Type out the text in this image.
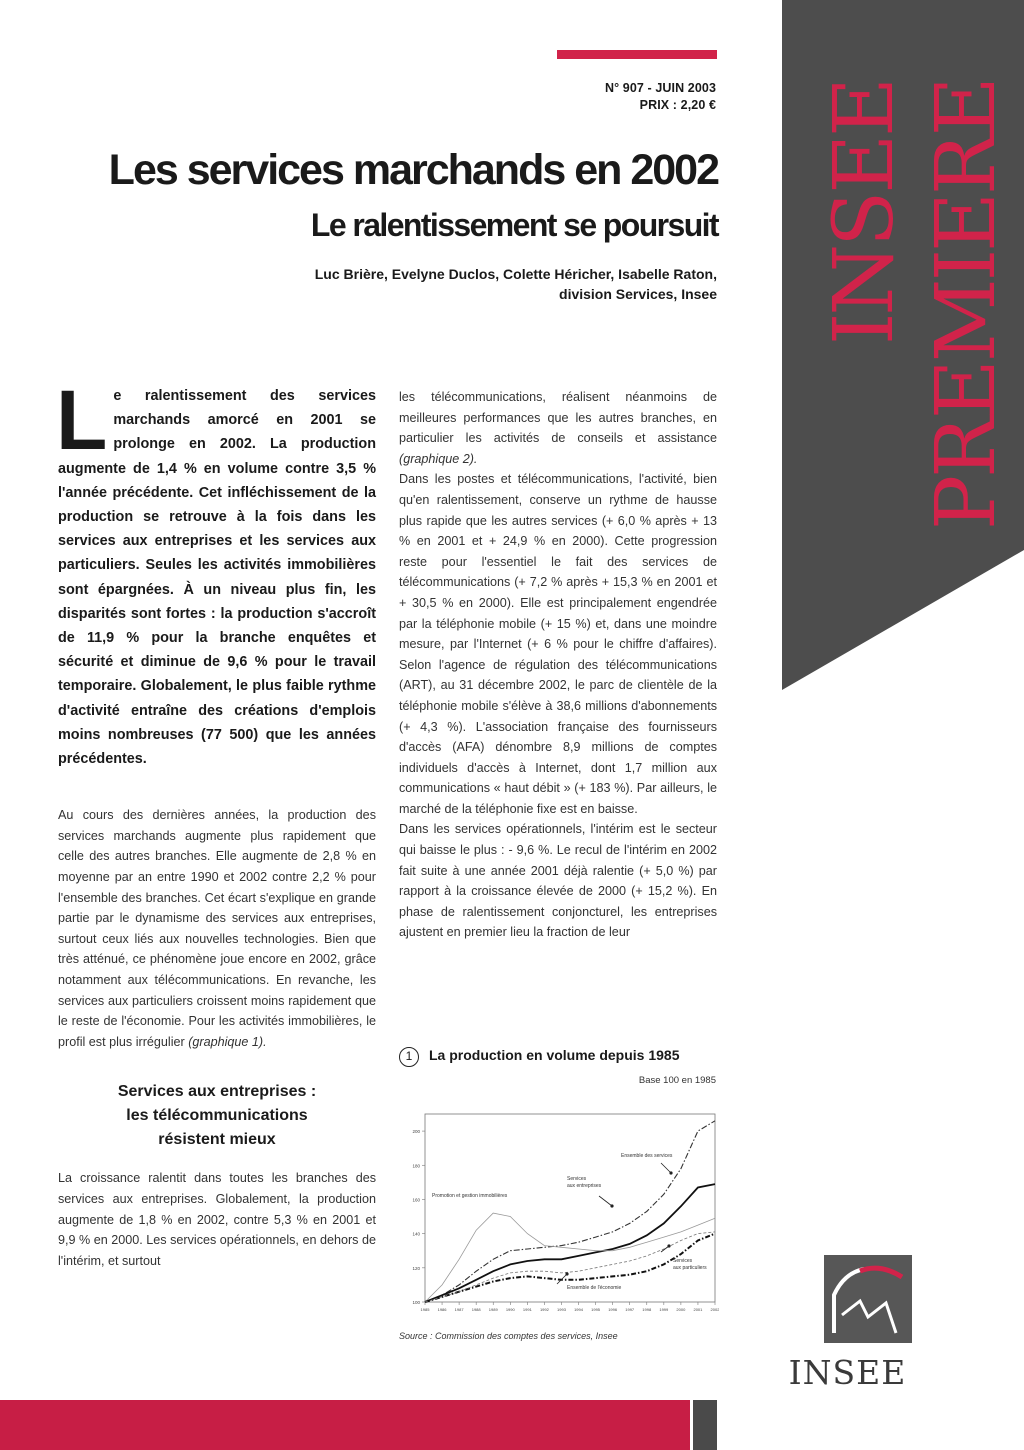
INSEE PREMIERE
N° 907 - JUIN 2003
PRIX : 2,20 €
Les services marchands en 2002
Le ralentissement se poursuit
Luc Brière, Evelyne Duclos, Colette Héricher, Isabelle Raton,
division Services, Insee

Le ralentissement des services marchands amorcé en 2001 se prolonge en 2002. La production augmente de 1,4 % en volume contre 3,5 % l'année précédente. Cet infléchissement de la production se retrouve à la fois dans les services aux entreprises et les services aux particuliers. Seules les activités immobilières sont épargnées. À un niveau plus fin, les disparités sont fortes : la production s'accroît de 11,9 % pour la branche enquêtes et sécurité et diminue de 9,6 % pour le travail temporaire. Globalement, le plus faible rythme d'activité entraîne des créations d'emplois moins nombreuses (77 500) que les années précédentes.

Au cours des dernières années, la production des services marchands augmente plus rapidement que celle des autres branches. Elle augmente de 2,8 % en moyenne par an entre 1990 et 2002 contre 2,2 % pour l'ensemble des branches. Cet écart s'explique en grande partie par le dynamisme des services aux entreprises, surtout ceux liés aux nouvelles technologies. Bien que très atténué, ce phénomène joue encore en 2002, grâce notamment aux télécommunications. En revanche, les services aux particuliers croissent moins rapidement que le reste de l'économie. Pour les activités immobilières, le profil est plus irrégulier (graphique 1).

Services aux entreprises :
les télécommunications
résistent mieux

La croissance ralentit dans toutes les branches des services aux entreprises. Globalement, la production augmente de 1,8 % en 2002, contre 5,3 % en 2001 et 9,9 % en 2000. Les services opérationnels, en dehors de l'intérim, et surtout

les télécommunications, réalisent néanmoins de meilleures performances que les autres branches, en particulier les activités de conseils et assistance (graphique 2).

Dans les postes et télécommunications, l'activité, bien qu'en ralentissement, conserve un rythme de hausse plus rapide que les autres services (+ 6,0 % après + 13 % en 2001 et + 24,9 % en 2000). Cette progression reste pour l'essentiel le fait des services de télécommunications (+ 7,2 % après + 15,3 % en 2001 et + 30,5 % en 2000). Elle est principalement engendrée par la téléphonie mobile (+ 15 %) et, dans une moindre mesure, par l'Internet (+ 6 % pour le chiffre d'affaires). Selon l'agence de régulation des télécommunications (ART), au 31 décembre 2002, le parc de clientèle de la téléphonie mobile s'élève à 38,6 millions d'abonnements (+ 4,3 %). L'association française des fournisseurs d'accès (AFA) dénombre 8,9 millions de comptes individuels d'accès à Internet, dont 1,7 million aux communications « haut débit » (+ 183 %). Par ailleurs, le marché de la téléphonie fixe est en baisse.

Dans les services opérationnels, l'intérim est le secteur qui baisse le plus : - 9,6 %. Le recul de l'intérim en 2002 fait suite à une année 2001 déjà ralentie (+ 5,0 %) par rapport à la croissance élevée de 2000 (+ 15,2 %). En phase de ralentissement conjoncturel, les entreprises ajustent en premier lieu la fraction de leur

1 La production en volume depuis 1985
Base 100 en 1985
100
120
140
160
180
200
1985 1986 1987 1988 1989 1990 1991 1992 1993 1994 1995 1996 1997 1998 1999 2000 2001 2002
Ensemble des services
Services
aux entreprises
Promotion et gestion immobilières
Services
aux particuliers
Ensemble de l'économie
Source : Commission des comptes des services, Insee
INSEE
